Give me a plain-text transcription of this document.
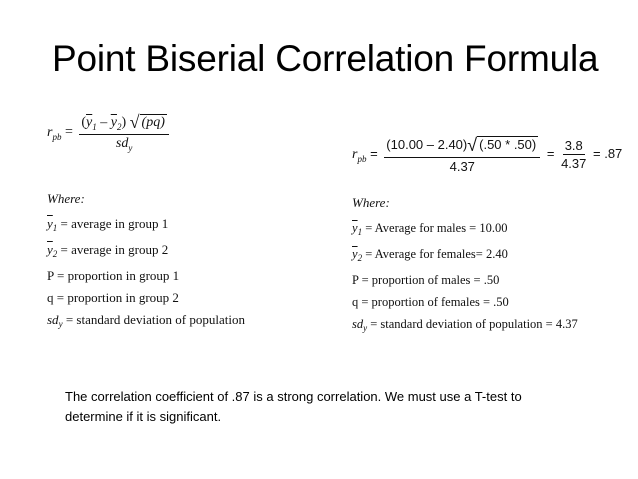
Point Biserial Correlation Formula
$r_{pb} = \frac{(\overline{y}_1 - \overline{y}_2) √ (pq)}{sd_y}$
Where:
$\overline{y}_1$ = average in group 1
$\overline{y}_2$ = average in group 2
P = proportion in group 1
q = proportion in group 2
$sd_y$ = standard deviation of population
$r_{pb} = \frac{(10.00 - 2.40)√ (.50 * .50)}{4.37} = \frac{3.8}{4.37} = .87$
Where:
$\overline{y}_1$ = Average for males = 10.00
$\overline{y}_2$ = Average for females= 2.40
P = proportion of males = .50
q = proportion of females = .50
$sd_y$ = standard deviation of population = 4.37
The correlation coefficient of .87 is a strong correlation. We must use a T-test to determine if it is significant.
